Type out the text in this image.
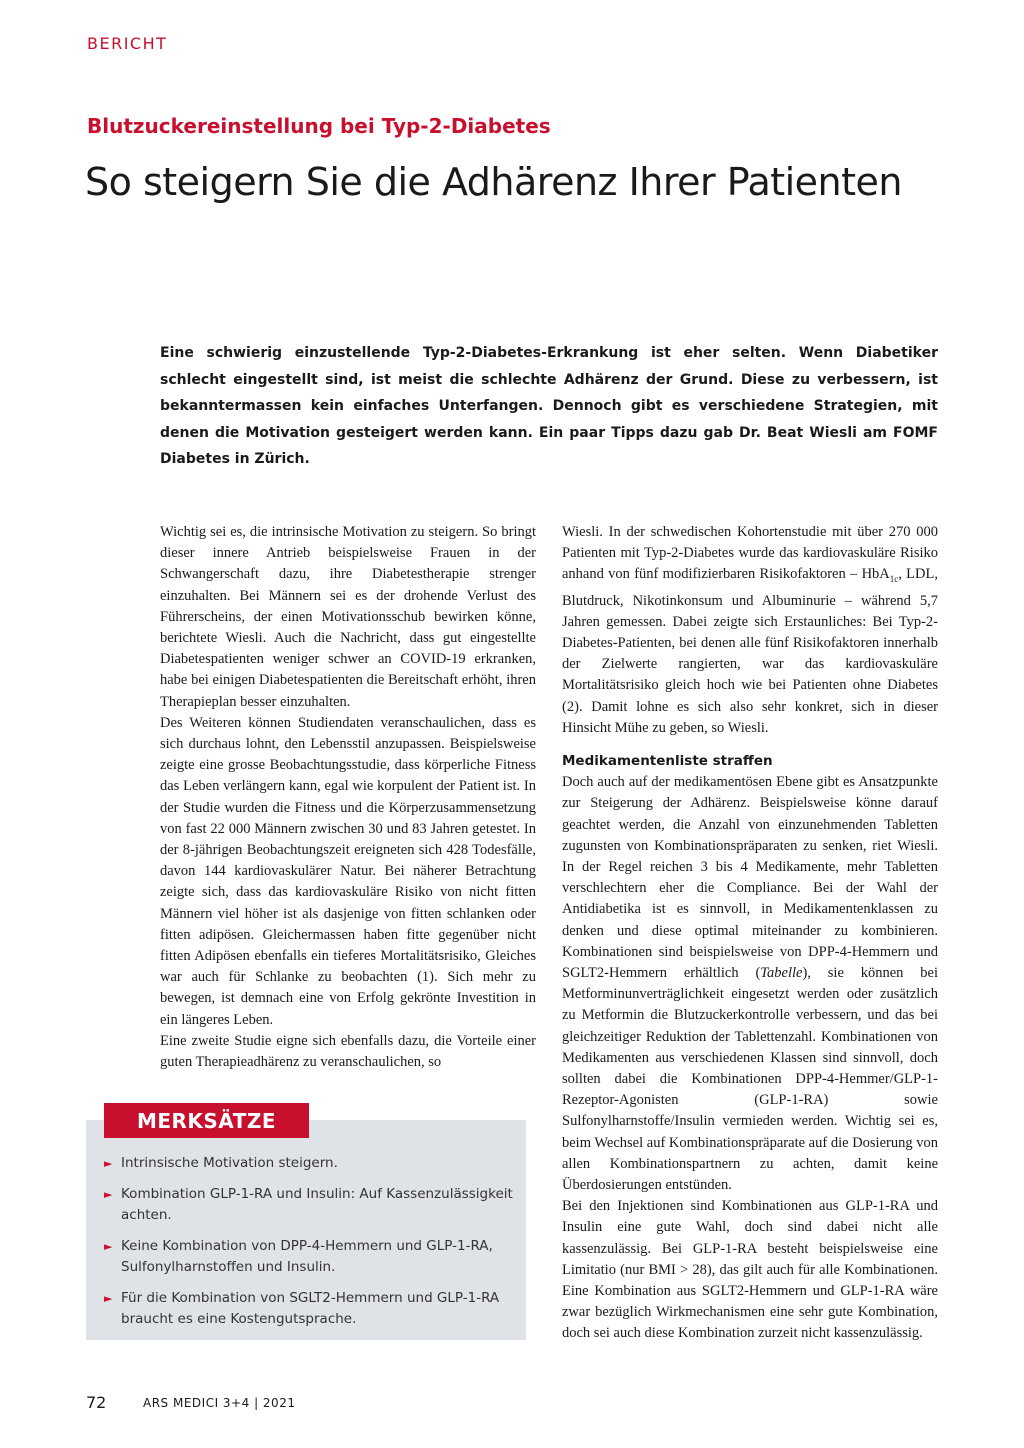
BERICHT
Blutzuckereinstellung bei Typ-2-Diabetes
So steigern Sie die Adhärenz Ihrer Patienten

Eine schwierig einzustellende Typ-2-Diabetes-Erkrankung ist eher selten. Wenn Diabetiker schlecht eingestellt sind, ist meist die schlechte Adhärenz der Grund. Diese zu verbessern, ist bekanntermassen kein einfaches Unterfangen. Dennoch gibt es verschiedene Strategien, mit denen die Motivation gesteigert werden kann. Ein paar Tipps dazu gab Dr. Beat Wiesli am FOMF Diabetes in Zürich.

Wichtig sei es, die intrinsische Motivation zu steigern. So bringt dieser innere Antrieb beispielsweise Frauen in der Schwangerschaft dazu, ihre Diabetestherapie strenger einzuhalten. Bei Männern sei es der drohende Verlust des Führerscheins, der einen Motivationsschub bewirken könne, berichtete Wiesli. Auch die Nachricht, dass gut eingestellte Diabetespatienten weniger schwer an COVID-19 erkranken, habe bei einigen Diabetespatienten die Bereitschaft erhöht, ihren Therapieplan besser einzuhalten.

Des Weiteren können Studiendaten veranschaulichen, dass es sich durchaus lohnt, den Lebensstil anzupassen. Beispielsweise zeigte eine grosse Beobachtungsstudie, dass körperliche Fitness das Leben verlängern kann, egal wie korpulent der Patient ist. In der Studie wurden die Fitness und die Körperzusammensetzung von fast 22 000 Männern zwischen 30 und 83 Jahren getestet. In der 8-jährigen Beobachtungszeit ereigneten sich 428 Todesfälle, davon 144 kardiovaskulärer Natur. Bei näherer Betrachtung zeigte sich, dass das kardiovaskuläre Risiko von nicht fitten Männern viel höher ist als dasjenige von fitten schlanken oder fitten adipösen. Gleichermassen haben fitte gegenüber nicht fitten Adipösen ebenfalls ein tieferes Mortalitätsrisiko, Gleiches war auch für Schlanke zu beobachten (1). Sich mehr zu bewegen, ist demnach eine von Erfolg gekrönte Investition in ein längeres Leben.

Eine zweite Studie eigne sich ebenfalls dazu, die Vorteile einer guten Therapieadhärenz zu veranschaulichen, so

Wiesli. In der schwedischen Kohortenstudie mit über 270 000 Patienten mit Typ-2-Diabetes wurde das kardiovaskuläre Risiko anhand von fünf modifizierbaren Risikofaktoren – HbA$_{1c}$, LDL, Blutdruck, Nikotinkonsum und Albuminurie – während 5,7 Jahren gemessen. Dabei zeigte sich Erstaunliches: Bei Typ-2-Diabetes-Patienten, bei denen alle fünf Risikofaktoren innerhalb der Zielwerte rangierten, war das kardiovaskuläre Mortalitätsrisiko gleich hoch wie bei Patienten ohne Diabetes (2). Damit lohne es sich also sehr konkret, sich in dieser Hinsicht Mühe zu geben, so Wiesli.

Medikamentenliste straffen

Doch auch auf der medikamentösen Ebene gibt es Ansatzpunkte zur Steigerung der Adhärenz. Beispielsweise könne darauf geachtet werden, die Anzahl von einzunehmenden Tabletten zugunsten von Kombinationspräparaten zu senken, riet Wiesli. In der Regel reichen 3 bis 4 Medikamente, mehr Tabletten verschlechtern eher die Compliance. Bei der Wahl der Antidiabetika ist es sinnvoll, in Medikamentenklassen zu denken und diese optimal miteinander zu kombinieren. Kombinationen sind beispielsweise von DPP-4-Hemmern und SGLT2-Hemmern erhältlich (Tabelle), sie können bei Metforminunverträglichkeit eingesetzt werden oder zusätzlich zu Metformin die Blutzuckerkontrolle verbessern, und das bei gleichzeitiger Reduktion der Tablettenzahl. Kombinationen von Medikamenten aus verschiedenen Klassen sind sinnvoll, doch sollten dabei die Kombinationen DPP-4-Hemmer/GLP-1-Rezeptor-Agonisten (GLP-1-RA) sowie Sulfonylharnstoffe/Insulin vermieden werden. Wichtig sei es, beim Wechsel auf Kombinationspräparate auf die Dosierung von allen Kombinationspartnern zu achten, damit keine Überdosierungen entstünden.

Bei den Injektionen sind Kombinationen aus GLP-1-RA und Insulin eine gute Wahl, doch sind dabei nicht alle kassenzulässig. Bei GLP-1-RA besteht beispielsweise eine Limitatio (nur BMI > 28), das gilt auch für alle Kombinationen. Eine Kombination aus SGLT2-Hemmern und GLP-1-RA wäre zwar bezüglich Wirkmechanismen eine sehr gute Kombination, doch sei auch diese Kombination zurzeit nicht kassenzulässig.

MERKSÄTZE
► Intrinsische Motivation steigern.
► Kombination GLP-1-RA und Insulin: Auf Kassenzulässigkeit achten.
► Keine Kombination von DPP-4-Hemmern und GLP-1-RA, Sulfonylharnstoffen und Insulin.
► Für die Kombination von SGLT2-Hemmern und GLP-1-RA braucht es eine Kostengutsprache.
72	ARS MEDICI 3+4 | 2021
